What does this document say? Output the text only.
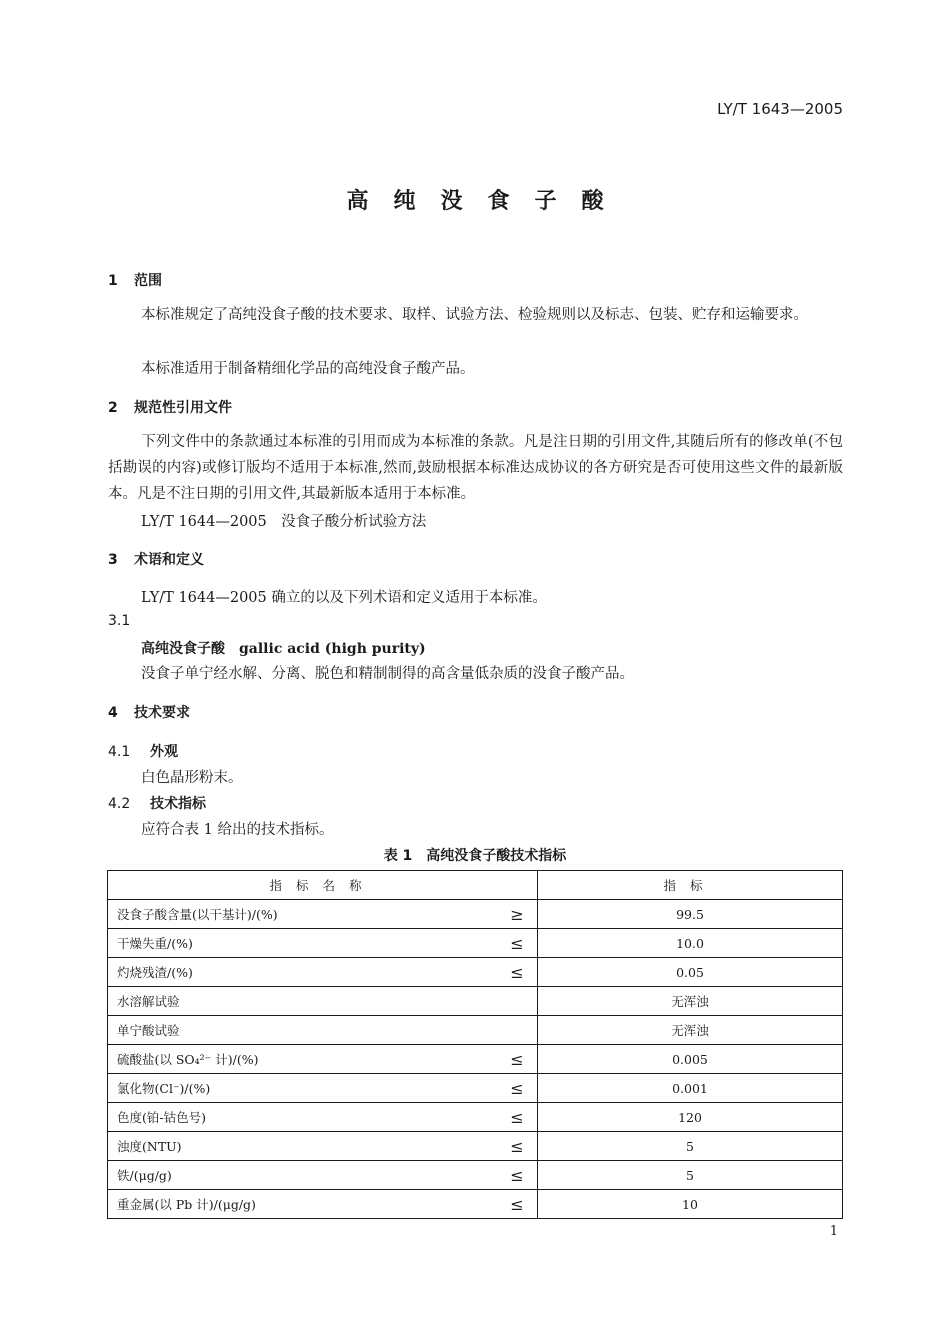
LY/T 1643—2005
高纯没食子酸
1 范围
本标准规定了高纯没食子酸的技术要求、取样、试验方法、检验规则以及标志、包装、贮存和运输要求。
本标准适用于制备精细化学品的高纯没食子酸产品。
2 规范性引用文件
下列文件中的条款通过本标准的引用而成为本标准的条款。凡是注日期的引用文件,其随后所有的修改单(不包括勘误的内容)或修订版均不适用于本标准,然而,鼓励根据本标准达成协议的各方研究是否可使用这些文件的最新版本。凡是不注日期的引用文件,其最新版本适用于本标准。
LY/T 1644—2005　没食子酸分析试验方法
3 术语和定义
LY/T 1644—2005 确立的以及下列术语和定义适用于本标准。
3.1
高纯没食子酸 gallic acid (high purity)
没食子单宁经水解、分离、脱色和精制制得的高含量低杂质的没食子酸产品。
4 技术要求
4.1 外观
白色晶形粉末。
4.2 技术指标
应符合表 1 给出的技术指标。
表 1　高纯没食子酸技术指标
指标名称		指标
没食子酸含量(以干基计)/(%)	≥	99.5
干燥失重/(%)	≤	10.0
灼烧残渣/(%)	≤	0.05
水溶解试验		无浑浊
单宁酸试验		无浑浊
硫酸盐(以 SO₄²⁻ 计)/(%)	≤	0.005
氯化物(Cl⁻)/(%)	≤	0.001
色度(铂-钴色号)	≤	120
浊度(NTU)	≤	5
铁/(μg/g)	≤	5
重金属(以 Pb 计)/(μg/g)	≤	10
1
